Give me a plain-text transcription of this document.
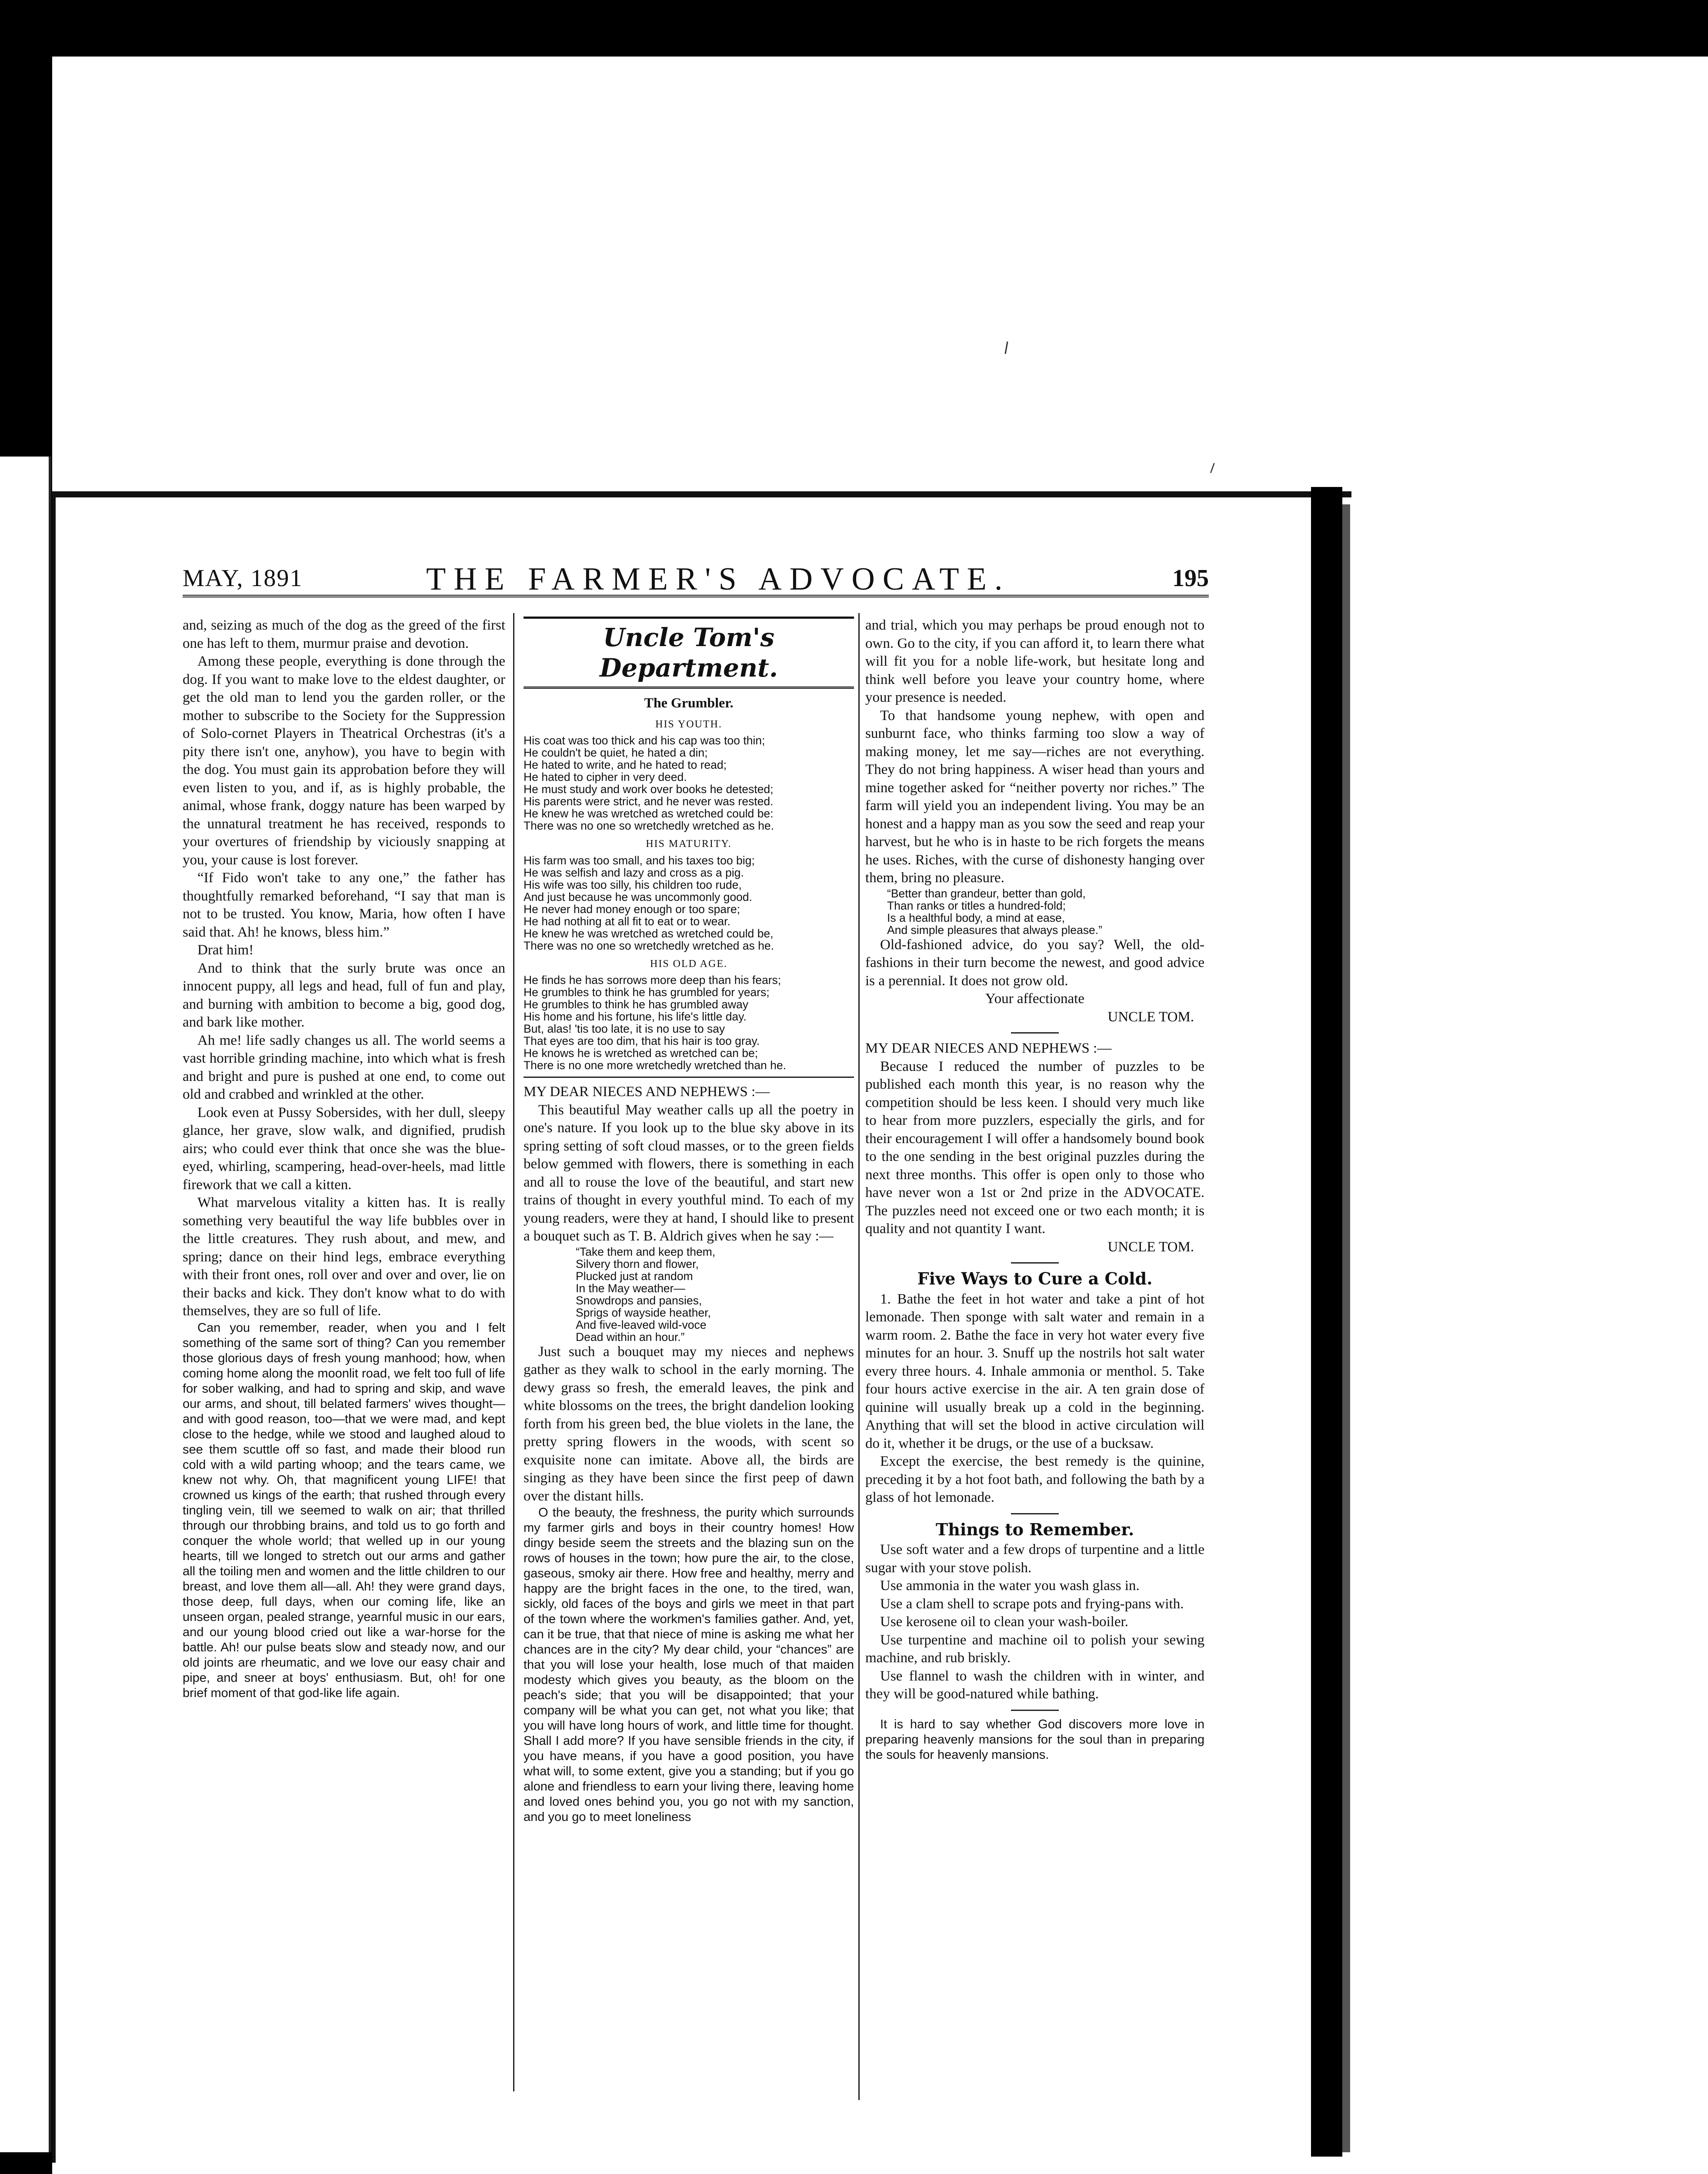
⸝
⸝
MAY, 1891	THE FARMER'S ADVOCATE.	195

and, seizing as much of the dog as the greed of the first one has left to them, murmur praise and devotion.

Among these people, everything is done through the dog. If you want to make love to the eldest daughter, or get the old man to lend you the garden roller, or the mother to subscribe to the Society for the Suppression of Solo-cornet Players in Theatrical Orchestras (it's a pity there isn't one, anyhow), you have to begin with the dog. You must gain its approbation before they will even listen to you, and if, as is highly probable, the animal, whose frank, doggy nature has been warped by the unnatural treatment he has received, responds to your overtures of friendship by viciously snapping at you, your cause is lost forever.

“If Fido won't take to any one,” the father has thoughtfully remarked beforehand, “I say that man is not to be trusted. You know, Maria, how often I have said that. Ah! he knows, bless him.”

Drat him!

And to think that the surly brute was once an innocent puppy, all legs and head, full of fun and play, and burning with ambition to become a big, good dog, and bark like mother.

Ah me! life sadly changes us all. The world seems a vast horrible grinding machine, into which what is fresh and bright and pure is pushed at one end, to come out old and crabbed and wrinkled at the other.

Look even at Pussy Sobersides, with her dull, sleepy glance, her grave, slow walk, and dignified, prudish airs; who could ever think that once she was the blue-eyed, whirling, scampering, head-over-heels, mad little firework that we call a kitten.

What marvelous vitality a kitten has. It is really something very beautiful the way life bubbles over in the little creatures. They rush about, and mew, and spring; dance on their hind legs, embrace everything with their front ones, roll over and over and over, lie on their backs and kick. They don't know what to do with themselves, they are so full of life.

Can you remember, reader, when you and I felt something of the same sort of thing? Can you remember those glorious days of fresh young manhood; how, when coming home along the moonlit road, we felt too full of life for sober walking, and had to spring and skip, and wave our arms, and shout, till belated farmers' wives thought—and with good reason, too—that we were mad, and kept close to the hedge, while we stood and laughed aloud to see them scuttle off so fast, and made their blood run cold with a wild parting whoop; and the tears came, we knew not why. Oh, that magnificent young LIFE! that crowned us kings of the earth; that rushed through every tingling vein, till we seemed to walk on air; that thrilled through our throbbing brains, and told us to go forth and conquer the whole world; that welled up in our young hearts, till we longed to stretch out our arms and gather all the toiling men and women and the little children to our breast, and love them all—all. Ah! they were grand days, those deep, full days, when our coming life, like an unseen organ, pealed strange, yearnful music in our ears, and our young blood cried out like a war-horse for the battle. Ah! our pulse beats slow and steady now, and our old joints are rheumatic, and we love our easy chair and pipe, and sneer at boys' enthusiasm. But, oh! for one brief moment of that god-like life again.

Uncle Tom's Department.
The Grumbler.
HIS YOUTH.
His coat was too thick and his cap was too thin;
He couldn't be quiet, he hated a din;
He hated to write, and he hated to read;
He hated to cipher in very deed.
He must study and work over books he detested;
His parents were strict, and he never was rested.
He knew he was wretched as wretched could be:
There was no one so wretchedly wretched as he.
HIS MATURITY.
His farm was too small, and his taxes too big;
He was selfish and lazy and cross as a pig.
His wife was too silly, his children too rude,
And just because he was uncommonly good.
He never had money enough or too spare;
He had nothing at all fit to eat or to wear.
He knew he was wretched as wretched could be,
There was no one so wretchedly wretched as he.
HIS OLD AGE.
He finds he has sorrows more deep than his fears;
He grumbles to think he has grumbled for years;
He grumbles to think he has grumbled away
His home and his fortune, his life's little day.
But, alas! 'tis too late, it is no use to say
That eyes are too dim, that his hair is too gray.
He knows he is wretched as wretched can be;
There is no one more wretchedly wretched than he.

MY DEAR NIECES AND NEPHEWS :—

This beautiful May weather calls up all the poetry in one's nature. If you look up to the blue sky above in its spring setting of soft cloud masses, or to the green fields below gemmed with flowers, there is something in each and all to rouse the love of the beautiful, and start new trains of thought in every youthful mind. To each of my young readers, were they at hand, I should like to present a bouquet such as T. B. Aldrich gives when he say :—

“Take them and keep them,
Silvery thorn and flower,
Plucked just at random
In the May weather—
Snowdrops and pansies,
Sprigs of wayside heather,
And five-leaved wild-voce
Dead within an hour.”

Just such a bouquet may my nieces and nephews gather as they walk to school in the early morning. The dewy grass so fresh, the emerald leaves, the pink and white blossoms on the trees, the bright dandelion looking forth from his green bed, the blue violets in the lane, the pretty spring flowers in the woods, with scent so exquisite none can imitate. Above all, the birds are singing as they have been since the first peep of dawn over the distant hills.

O the beauty, the freshness, the purity which surrounds my farmer girls and boys in their country homes! How dingy beside seem the streets and the blazing sun on the rows of houses in the town; how pure the air, to the close, gaseous, smoky air there. How free and healthy, merry and happy are the bright faces in the one, to the tired, wan, sickly, old faces of the boys and girls we meet in that part of the town where the workmen's families gather. And, yet, can it be true, that that niece of mine is asking me what her chances are in the city? My dear child, your “chances” are that you will lose your health, lose much of that maiden modesty which gives you beauty, as the bloom on the peach's side; that you will be disappointed; that your company will be what you can get, not what you like; that you will have long hours of work, and little time for thought. Shall I add more? If you have sensible friends in the city, if you have means, if you have a good position, you have what will, to some extent, give you a standing; but if you go alone and friendless to earn your living there, leaving home and loved ones behind you, you go not with my sanction, and you go to meet loneliness

and trial, which you may perhaps be proud enough not to own. Go to the city, if you can afford it, to learn there what will fit you for a noble life-work, but hesitate long and think well before you leave your country home, where your presence is needed.

To that handsome young nephew, with open and sunburnt face, who thinks farming too slow a way of making money, let me say—riches are not everything. They do not bring happiness. A wiser head than yours and mine together asked for “neither poverty nor riches.” The farm will yield you an independent living. You may be an honest and a happy man as you sow the seed and reap your harvest, but he who is in haste to be rich forgets the means he uses. Riches, with the curse of dishonesty hanging over them, bring no pleasure.

“Better than grandeur, better than gold,
Than ranks or titles a hundred-fold;
Is a healthful body, a mind at ease,
And simple pleasures that always please.”

Old-fashioned advice, do you say? Well, the old-fashions in their turn become the newest, and good advice is a perennial. It does not grow old.

Your affectionate
UNCLE TOM.

MY DEAR NIECES AND NEPHEWS :—

Because I reduced the number of puzzles to be published each month this year, is no reason why the competition should be less keen. I should very much like to hear from more puzzlers, especially the girls, and for their encouragement I will offer a handsomely bound book to the one sending in the best original puzzles during the next three months. This offer is open only to those who have never won a 1st or 2nd prize in the ADVOCATE. The puzzles need not exceed one or two each month; it is quality and not quantity I want.

UNCLE TOM.
Five Ways to Cure a Cold.

1. Bathe the feet in hot water and take a pint of hot lemonade. Then sponge with salt water and remain in a warm room. 2. Bathe the face in very hot water every five minutes for an hour. 3. Snuff up the nostrils hot salt water every three hours. 4. Inhale ammonia or menthol. 5. Take four hours active exercise in the air. A ten grain dose of quinine will usually break up a cold in the beginning. Anything that will set the blood in active circulation will do it, whether it be drugs, or the use of a bucksaw.

Except the exercise, the best remedy is the quinine, preceding it by a hot foot bath, and following the bath by a glass of hot lemonade.

Things to Remember.

Use soft water and a few drops of turpentine and a little sugar with your stove polish.

Use ammonia in the water you wash glass in.

Use a clam shell to scrape pots and frying-pans with.

Use kerosene oil to clean your wash-boiler.

Use turpentine and machine oil to polish your sewing machine, and rub briskly.

Use flannel to wash the children with in winter, and they will be good-natured while bathing.

It is hard to say whether God discovers more love in preparing heavenly mansions for the soul than in preparing the souls for heavenly mansions.
